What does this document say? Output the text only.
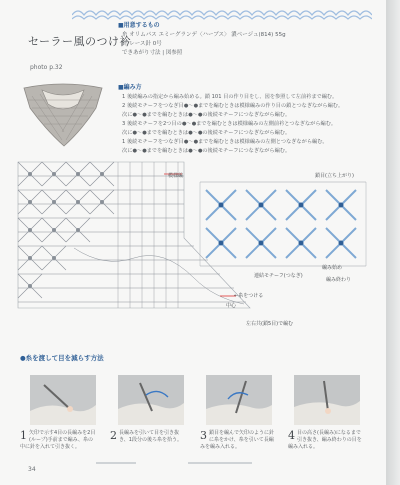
セーラー風のつけ衿
photo p.32
■用意するもの
糸 オリムパス エミーグランデ〈ハーブス〉 濃ベージュ(814) 55g
針 レース針 0号
できあがり寸法 | 図参照
■編み方
1 後続編みの指定から編み始める。鎖 101 目の作り目をし、図を参照して左前衿まで編む。
2 後続モチーフをつなぎ目●〜●までを編むときは模様編みの作り目の鎖とつなぎながら編む。
次に●〜●までを編むときは●〜●の後続モチーフにつなぎながら編む。
3 後続モチーフを2つ目の●〜●までを編むときは模様編みの左側前衿とつなぎながら編む。
次に●〜●までを編むときは●〜●の後続モチーフにつなぎながら編む。
1 後続モチーフをつなぎ目●〜●までを編むときは模様編みの左側とつなぎながら編む。
次に●〜●までを編むときは●〜●の後続モチーフにつなぎながら編む。
模様編	鎖目(立ち上がり)
連結モチーフ(つなぎ)
編み始め
編み終わり
中心
←糸をつける
左右共(鎖5目)で編む
●糸を渡して目を減らす方法
1 矢印で示す4目の長編みを2目(ループ)手前まで編み、糸の中に針を入れて引き抜く。
2 長編みを引いて目を引き抜き、1段分の後ろ糸を拾う。	3 鎖目を編んで矢印のように針に糸をかけ、糸を引いて長編みを編み入れる。
4 目の高さ(長編み)になるまで引き抜き、編み終わりの目を編み入れる。
34
